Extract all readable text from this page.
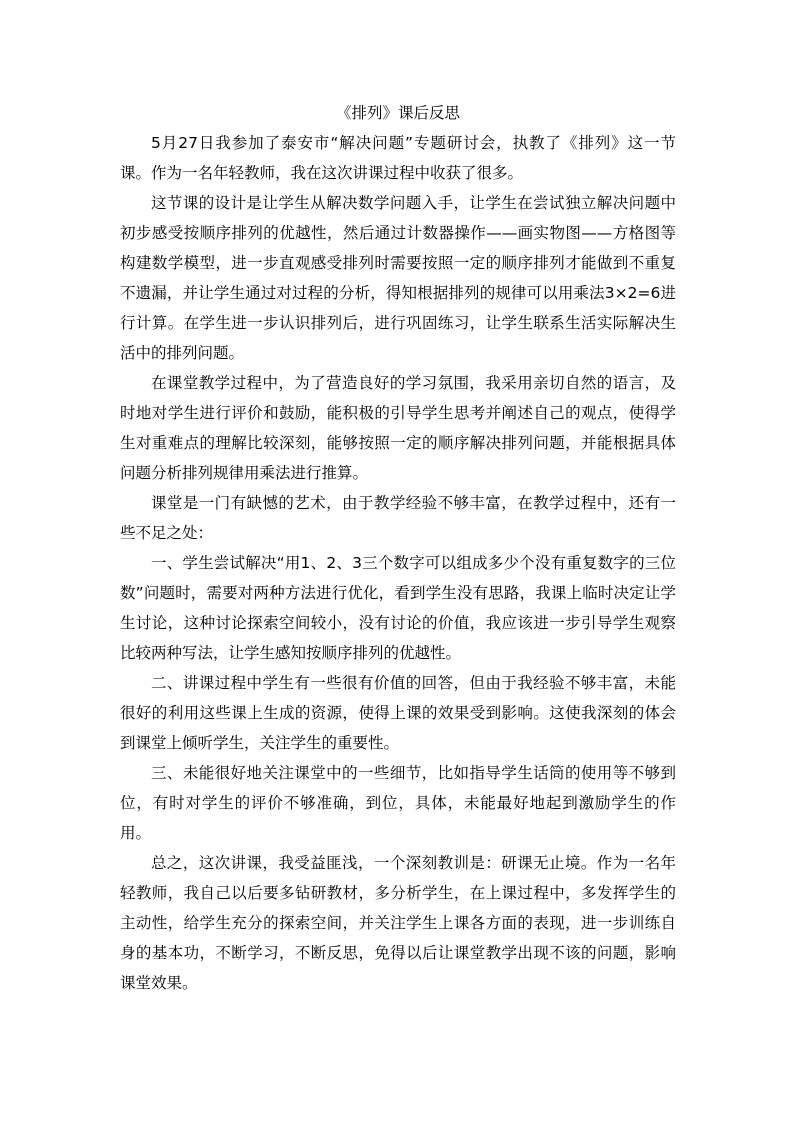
《排列》课后反思

5月27日我参加了泰安市“解决问题”专题研讨会，执教了《排列》这一节课。作为一名年轻教师，我在这次讲课过程中收获了很多。

这节课的设计是让学生从解决数学问题入手，让学生在尝试独立解决问题中初步感受按顺序排列的优越性，然后通过计数器操作——画实物图——方格图等构建数学模型，进一步直观感受排列时需要按照一定的顺序排列才能做到不重复不遗漏，并让学生通过对过程的分析，得知根据排列的规律可以用乘法3×2=6进行计算。在学生进一步认识排列后，进行巩固练习，让学生联系生活实际解决生活中的排列问题。

在课堂教学过程中，为了营造良好的学习氛围，我采用亲切自然的语言，及时地对学生进行评价和鼓励，能积极的引导学生思考并阐述自己的观点，使得学生对重难点的理解比较深刻，能够按照一定的顺序解决排列问题，并能根据具体问题分析排列规律用乘法进行推算。

课堂是一门有缺憾的艺术，由于教学经验不够丰富，在教学过程中，还有一些不足之处：

一、学生尝试解决“用1、2、3三个数字可以组成多少个没有重复数字的三位数”问题时，需要对两种方法进行优化，看到学生没有思路，我课上临时决定让学生讨论，这种讨论探索空间较小，没有讨论的价值，我应该进一步引导学生观察比较两种写法，让学生感知按顺序排列的优越性。

二、讲课过程中学生有一些很有价值的回答，但由于我经验不够丰富，未能很好的利用这些课上生成的资源，使得上课的效果受到影响。这使我深刻的体会到课堂上倾听学生，关注学生的重要性。

三、未能很好地关注课堂中的一些细节，比如指导学生话筒的使用等不够到位，有时对学生的评价不够准确，到位，具体，未能最好地起到激励学生的作用。

总之，这次讲课，我受益匪浅，一个深刻教训是：研课无止境。作为一名年轻教师，我自己以后要多钻研教材，多分析学生，在上课过程中，多发挥学生的主动性，给学生充分的探索空间，并关注学生上课各方面的表现，进一步训练自身的基本功，不断学习，不断反思，免得以后让课堂教学出现不该的问题，影响课堂效果。
